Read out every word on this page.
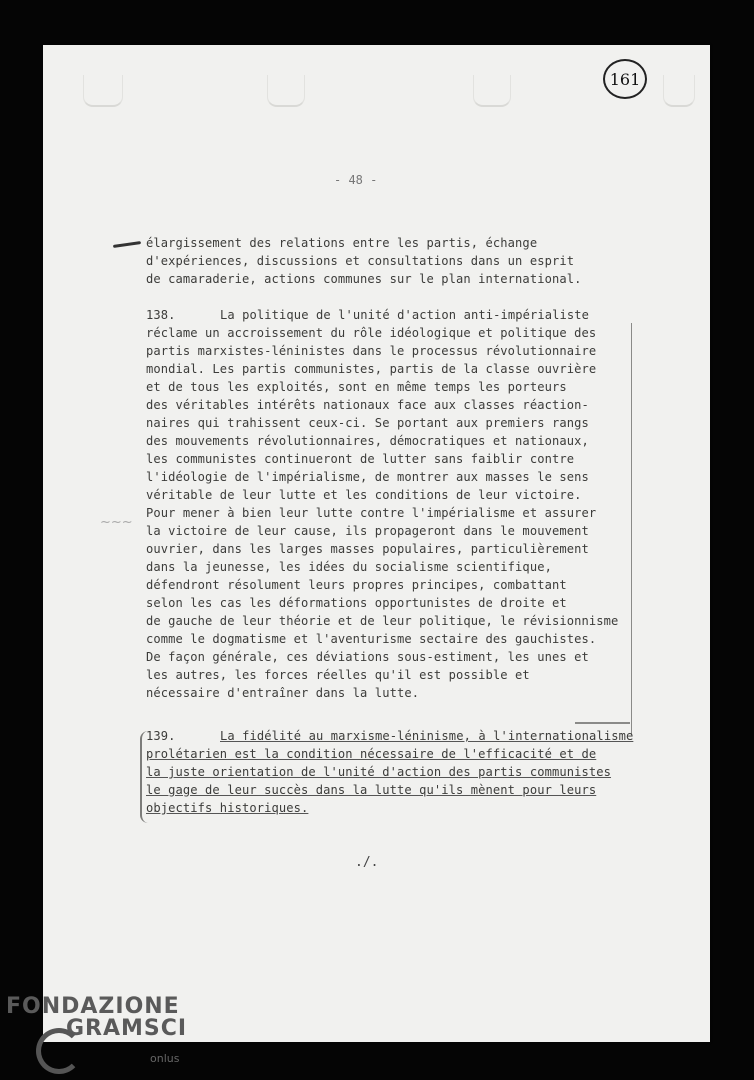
161
- 48 -
élargissement des relations entre les partis, échange
d'expériences, discussions et consultations dans un esprit
de camaraderie, actions communes sur le plan international.
138.	La politique de l'unité d'action anti-impérialiste
réclame un accroissement du rôle idéologique et politique des
partis marxistes-léninistes dans le processus révolutionnaire
mondial. Les partis communistes, partis de la classe ouvrière
et de tous les exploités, sont en même temps les porteurs
des véritables intérêts nationaux face aux classes réaction-
naires qui trahissent ceux-ci. Se portant aux premiers rangs
des mouvements révolutionnaires, démocratiques et nationaux,
les communistes continueront de lutter sans faiblir contre
l'idéologie de l'impérialisme, de montrer aux masses le sens
véritable de leur lutte et les conditions de leur victoire.
Pour mener à bien leur lutte contre l'impérialisme et assurer
la victoire de leur cause, ils propageront dans le mouvement
ouvrier, dans les larges masses populaires, particulièrement
dans la jeunesse, les idées du socialisme scientifique,
défendront résolument leurs propres principes, combattant
selon les cas les déformations opportunistes de droite et
de gauche de leur théorie et de leur politique, le révisionnisme
comme le dogmatisme et l'aventurisme sectaire des gauchistes.
De façon générale, ces déviations sous-estiment, les unes et
les autres, les forces réelles qu'il est possible et
nécessaire d'entraîner dans la lutte.
~~~
139.	La fidélité au marxisme-léninisme, à l'internationalisme
prolétarien est la condition nécessaire de l'efficacité et de
la juste orientation de l'unité d'action des partis communistes
le gage de leur succès dans la lutte qu'ils mènent pour leurs
objectifs historiques.
./.
FONDAZIONE
GRAMSCI
onlus
